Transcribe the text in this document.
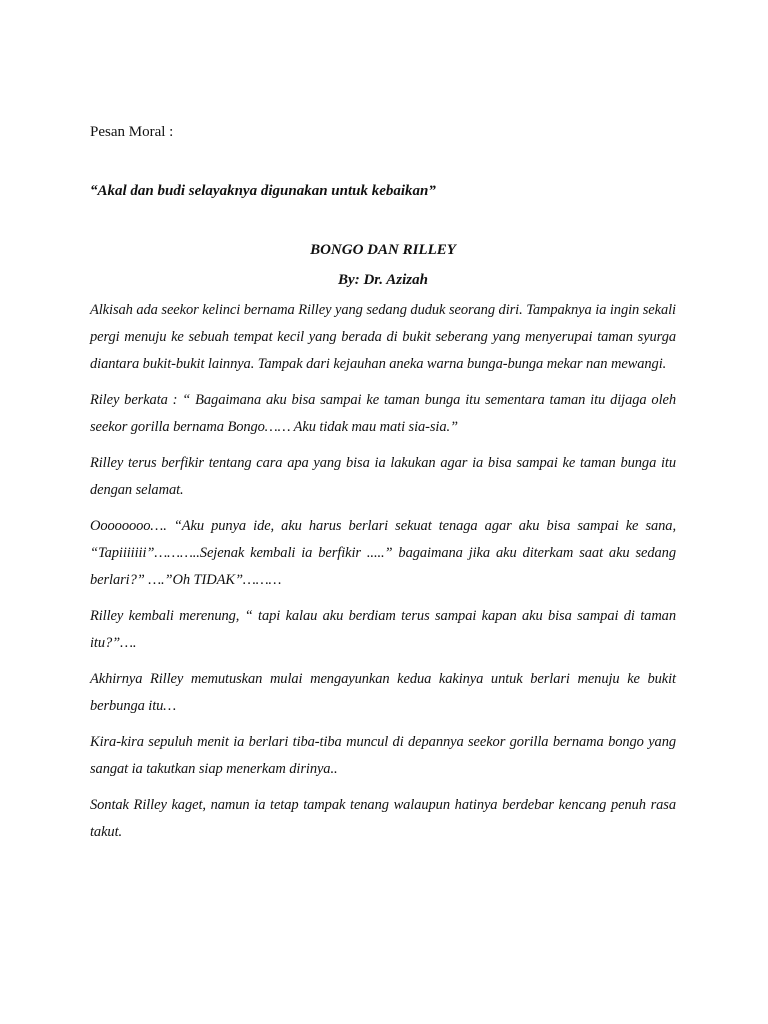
Pesan Moral :
“Akal dan budi selayaknya digunakan untuk kebaikan”
BONGO DAN RILLEY
By: Dr. Azizah

Alkisah ada seekor kelinci bernama Rilley yang sedang duduk seorang diri. Tampaknya ia ingin sekali pergi menuju ke sebuah tempat kecil yang berada di bukit seberang yang menyerupai taman syurga diantara bukit-bukit lainnya. Tampak dari kejauhan aneka warna bunga-bunga mekar nan mewangi.

Riley berkata : “ Bagaimana aku bisa sampai ke taman bunga itu sementara taman itu dijaga oleh seekor gorilla bernama Bongo…… Aku tidak mau mati sia-sia.”

Rilley terus berfikir tentang cara apa yang bisa ia lakukan agar ia bisa sampai ke taman bunga itu dengan selamat.

Oooooooo…. “Aku punya ide, aku harus berlari sekuat tenaga agar aku bisa sampai ke sana, “Tapiiiiiii”………..Sejenak kembali ia berfikir .....” bagaimana jika aku diterkam saat aku sedang berlari?” ….”Oh TIDAK”………

Rilley kembali merenung, “ tapi kalau aku berdiam terus sampai kapan aku bisa sampai di taman itu?”….

Akhirnya Rilley memutuskan mulai mengayunkan kedua kakinya untuk berlari menuju ke bukit berbunga itu…

Kira-kira sepuluh menit ia berlari tiba-tiba muncul di depannya seekor gorilla bernama bongo yang sangat ia takutkan siap menerkam dirinya..

Sontak Rilley kaget, namun ia tetap tampak tenang walaupun hatinya berdebar kencang penuh rasa takut.
